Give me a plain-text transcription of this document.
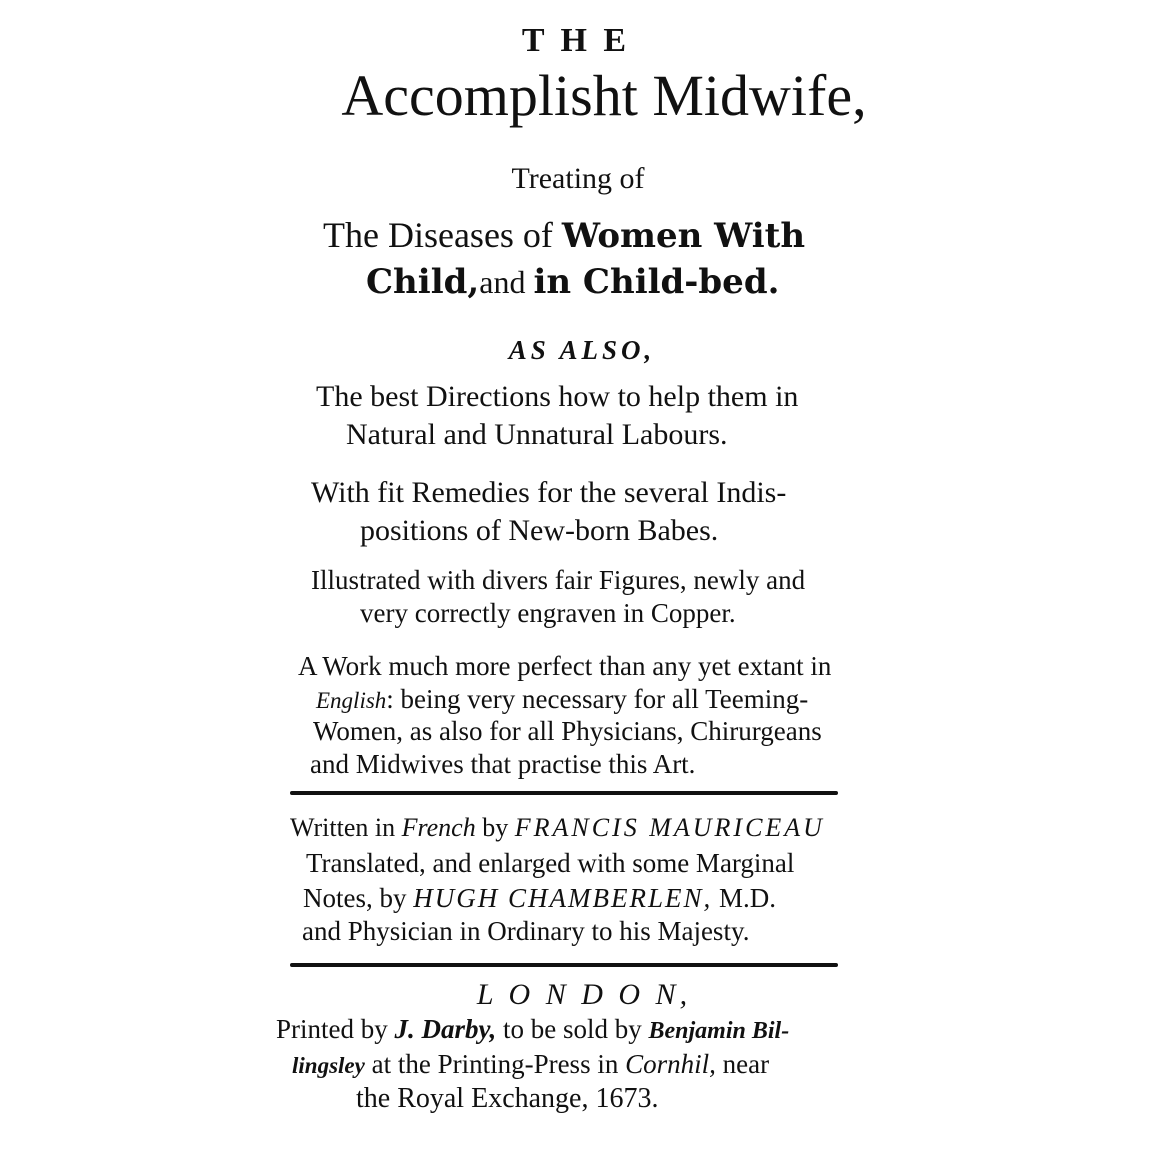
T H E
Accomplisht Midwife,
Treating of
The Diseases of Women With
Child,and in Child-bed.
AS ALSO,
The best Directions how to help them in
Natural and Unnatural Labours.
With fit Remedies for the several Indis-
positions of New-born Babes.
Illustrated with divers fair Figures, newly and
very correctly engraven in Copper.
A Work much more perfect than any yet extant in
English: being very necessary for all Teeming-
Women, as also for all Physicians, Chirurgeans
and Midwives that practise this Art.
Written in French by FRANCIS MAURICEAU
Translated, and enlarged with some Marginal
Notes, by HUGH CHAMBERLEN, M.D.
and Physician in Ordinary to his Majesty.
L O N D O N,
Printed by J. Darby, to be sold by Benjamin Bil-
lingsley at the Printing-Press in Cornhil, near
the Royal Exchange, 1673.
